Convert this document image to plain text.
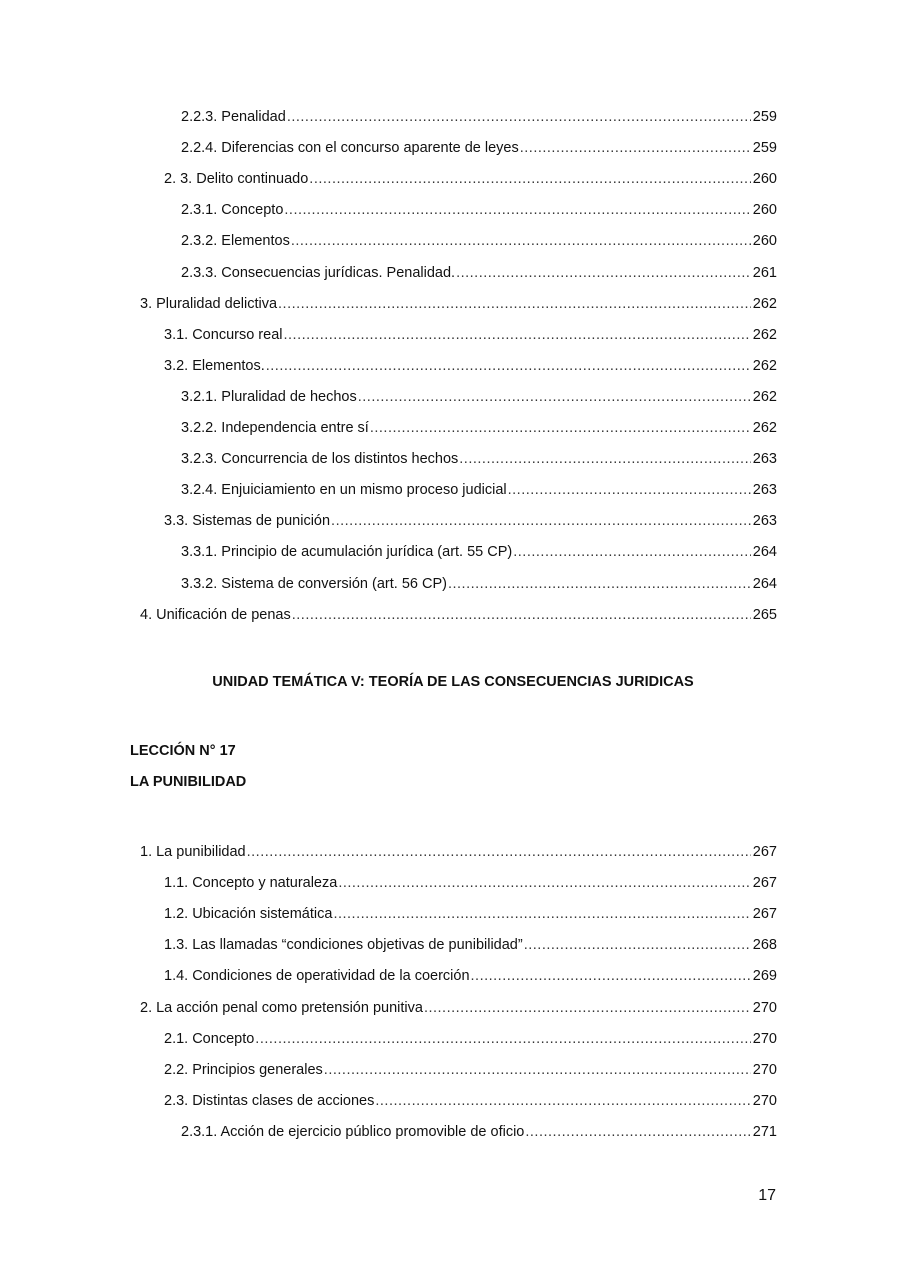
2.2.3. Penalidad .....	259
2.2.4. Diferencias con el concurso aparente de leyes .....	259
2. 3. Delito continuado .....	260
2.3.1. Concepto .....	260
2.3.2. Elementos .....	260
2.3.3. Consecuencias jurídicas. Penalidad. .....	261
3. Pluralidad delictiva .....	262
3.1. Concurso real .....	262
3.2. Elementos. .....	262
3.2.1. Pluralidad de hechos .....	262
3.2.2. Independencia entre sí .....	262
3.2.3. Concurrencia de los distintos hechos .....	263
3.2.4. Enjuiciamiento en un mismo proceso judicial .....	263
3.3. Sistemas de punición .....	263
3.3.1. Principio de acumulación jurídica (art. 55 CP) .....	264
3.3.2. Sistema de conversión (art. 56 CP) .....	264
4. Unificación de penas .....	265
UNIDAD TEMÁTICA V: TEORÍA DE LAS CONSECUENCIAS JURIDICAS
LECCIÓN N° 17
LA PUNIBILIDAD
1. La punibilidad .....	267
1.1. Concepto y naturaleza .....	267
1.2. Ubicación sistemática .....	267
1.3. Las llamadas “condiciones objetivas de punibilidad” .....	268
1.4. Condiciones de operatividad de la coerción .....	269
2. La acción penal como pretensión punitiva .....	270
2.1. Concepto .....	270
2.2. Principios generales .....	270
2.3. Distintas clases de acciones .....	270
2.3.1. Acción de ejercicio público promovible de oficio .....	271
17
